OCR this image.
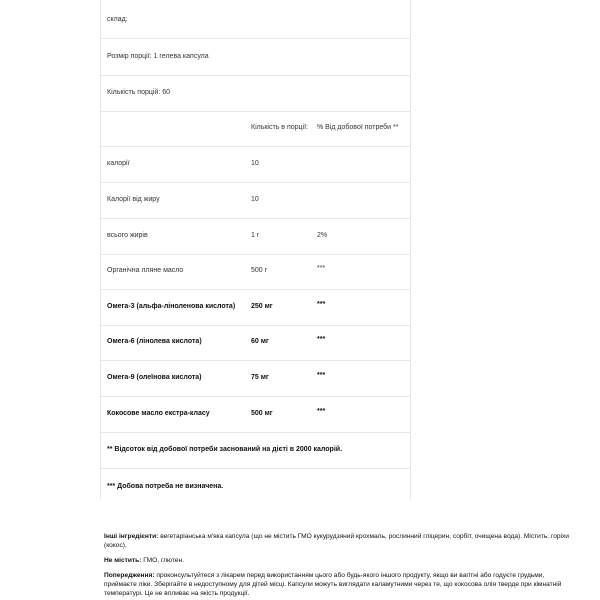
склад:
Розмір порції: 1 гелева капсула
Кількість порцій: 60
Кількість в порції: % Від добової потреби **
калорії	10
Калорії від жиру	10
всього жирів	1 г	2%
Органічна лляне масло	500 г	***
Омега-3 (альфа-ліноленова кислота) 250 мг	***
Омега-6 (лінолева кислота)	60 мг	***
Омега-9 (олеїнова кислота)	75 мг	***
Кокосове масло екстра-класу	500 мг	***
** Відсоток від добової потреби заснований на дієті в 2000 калорій.
*** Добова потреба не визначена.
Інші інгредієнти: вегетаріанська м'яка капсула (що не містить ГМО кукурудзяний крохмаль, рослинний гліцерин, сорбіт, очищена вода). Містить: горіхи (кокос).
Не містить: ГМО, глютен.
Попередження: проконсультуйтеся з лікарем перед використанням цього або будь-якого іншого продукту, якщо ви вагітні або годуєте грудьми, приймаєте ліки. Зберігайте в недоступному для дітей місці. Капсули можуть виглядати каламутними через те, що кокосова олія тверде при кімнатній температурі. Це не впливає на якість продукції.
